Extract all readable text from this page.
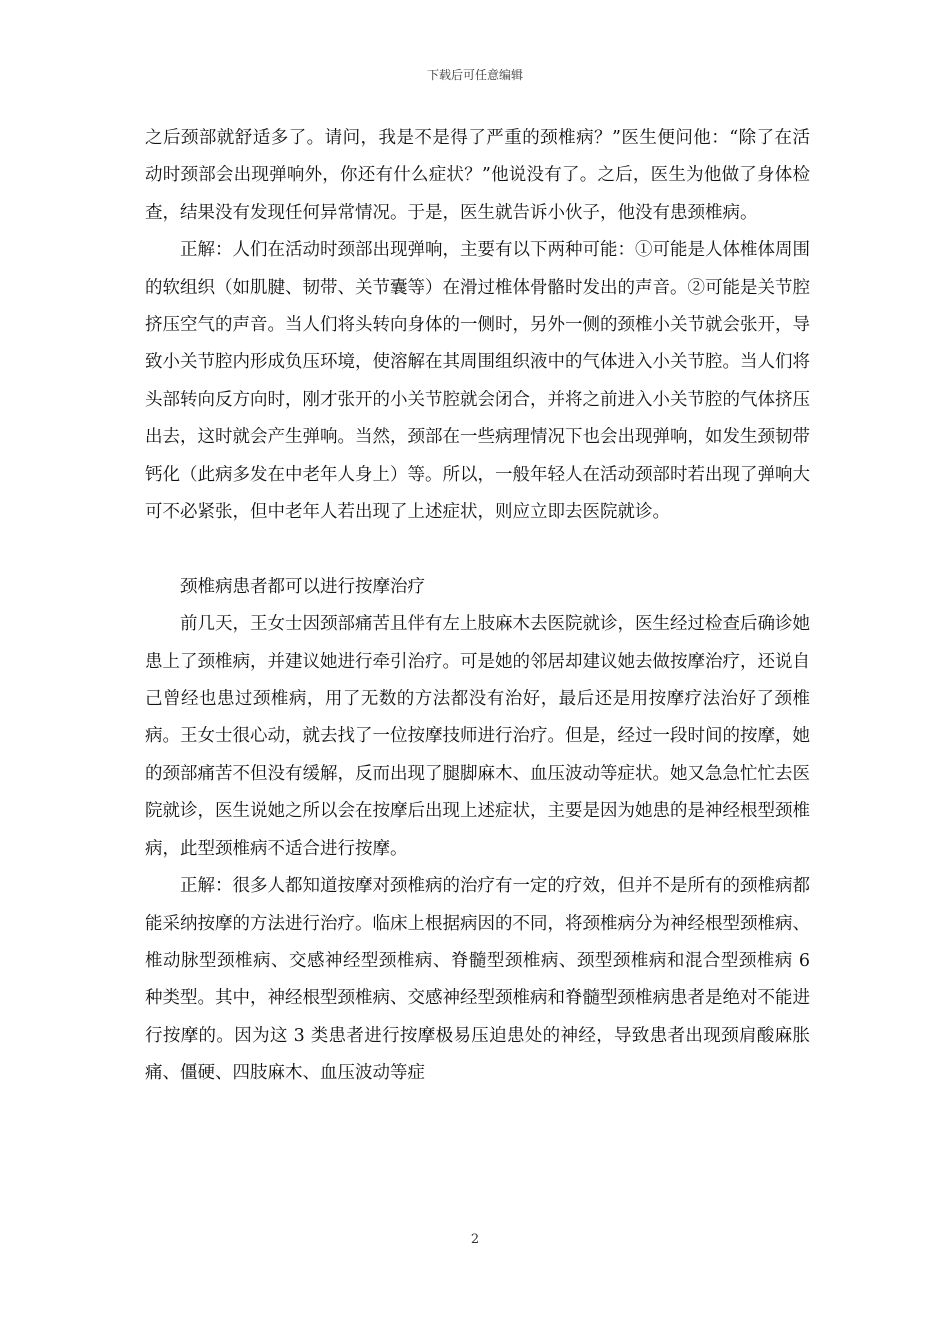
下载后可任意编辑

之后颈部就舒适多了。请问，我是不是得了严重的颈椎病？”医生便问他：“除了在活动时颈部会出现弹响外，你还有什么症状？”他说没有了。之后，医生为他做了身体检查，结果没有发现任何异常情况。于是，医生就告诉小伙子，他没有患颈椎病。

正解：人们在活动时颈部出现弹响，主要有以下两种可能：①可能是人体椎体周围的软组织（如肌腱、韧带、关节囊等）在滑过椎体骨骼时发出的声音。②可能是关节腔挤压空气的声音。当人们将头转向身体的一侧时，另外一侧的颈椎小关节就会张开，导致小关节腔内形成负压环境，使溶解在其周围组织液中的气体进入小关节腔。当人们将头部转向反方向时，刚才张开的小关节腔就会闭合，并将之前进入小关节腔的气体挤压出去，这时就会产生弹响。当然，颈部在一些病理情况下也会出现弹响，如发生颈韧带钙化（此病多发在中老年人身上）等。所以，一般年轻人在活动颈部时若出现了弹响大可不必紧张，但中老年人若出现了上述症状，则应立即去医院就诊。

颈椎病患者都可以进行按摩治疗

前几天，王女士因颈部痛苦且伴有左上肢麻木去医院就诊，医生经过检查后确诊她患上了颈椎病，并建议她进行牵引治疗。可是她的邻居却建议她去做按摩治疗，还说自己曾经也患过颈椎病，用了无数的方法都没有治好，最后还是用按摩疗法治好了颈椎病。王女士很心动，就去找了一位按摩技师进行治疗。但是，经过一段时间的按摩，她的颈部痛苦不但没有缓解，反而出现了腿脚麻木、血压波动等症状。她又急急忙忙去医院就诊，医生说她之所以会在按摩后出现上述症状，主要是因为她患的是神经根型颈椎病，此型颈椎病不适合进行按摩。

正解：很多人都知道按摩对颈椎病的治疗有一定的疗效，但并不是所有的颈椎病都能采纳按摩的方法进行治疗。临床上根据病因的不同，将颈椎病分为神经根型颈椎病、椎动脉型颈椎病、交感神经型颈椎病、脊髓型颈椎病、颈型颈椎病和混合型颈椎病 6 种类型。其中，神经根型颈椎病、交感神经型颈椎病和脊髓型颈椎病患者是绝对不能进行按摩的。因为这 3 类患者进行按摩极易压迫患处的神经，导致患者出现颈肩酸麻胀痛、僵硬、四肢麻木、血压波动等症

2
